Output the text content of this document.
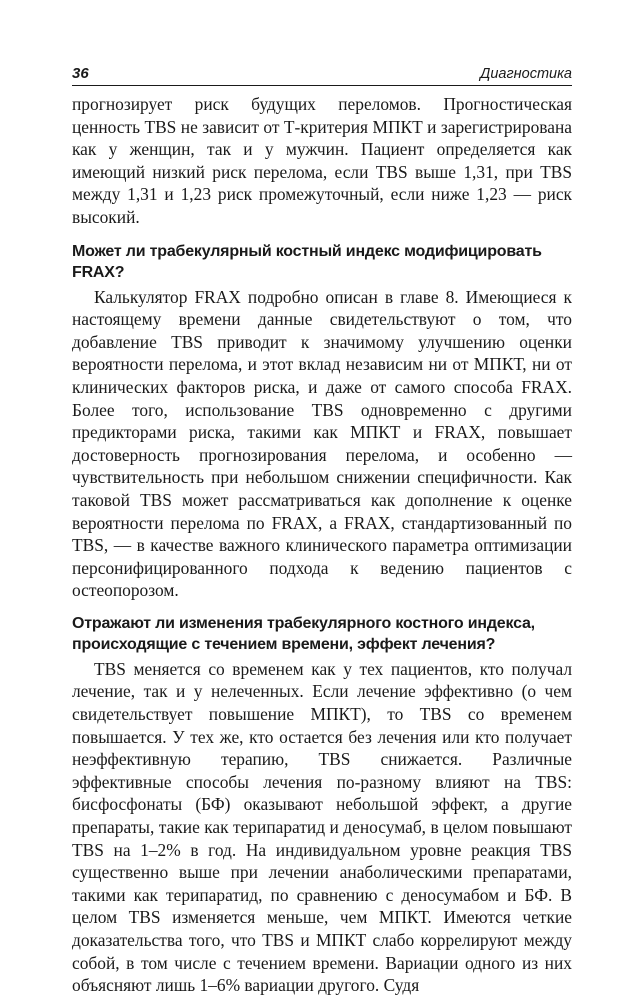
36	Диагностика

прогнозирует риск будущих переломов. Прогностическая ценность TBS не зависит от Т-критерия МПКТ и зарегистрирована как у женщин, так и у мужчин. Пациент определяется как имеющий низкий риск перелома, если TBS выше 1,31, при TBS между 1,31 и 1,23 риск промежуточный, если ниже 1,23 — риск высокий.

Может ли трабекулярный костный индекс модифицировать FRAX?

Калькулятор FRAX подробно описан в главе 8. Имеющиеся к настоящему времени данные свидетельствуют о том, что добавление TBS приводит к значимому улучшению оценки вероятности перелома, и этот вклад независим ни от МПКТ, ни от клинических факторов риска, и даже от самого способа FRAX. Более того, использование TBS одновременно с другими предикторами риска, такими как МПКТ и FRAX, повышает достоверность прогнозирования перелома, и особенно — чувствительность при небольшом снижении специфичности. Как таковой TBS может рассматриваться как дополнение к оценке вероятности перелома по FRAX, а FRAX, стандартизованный по TBS, — в качестве важного клинического параметра оптимизации персонифицированного подхода к ведению пациентов с остеопорозом.

Отражают ли изменения трабекулярного костного индекса, происходящие с течением времени, эффект лечения?

TBS меняется со временем как у тех пациентов, кто получал лечение, так и у нелеченных. Если лечение эффективно (о чем свидетельствует повышение МПКТ), то TBS со временем повышается. У тех же, кто остается без лечения или кто получает неэффективную терапию, TBS снижается. Различные эффективные способы лечения по-разному влияют на TBS: бисфосфонаты (БФ) оказывают небольшой эффект, а другие препараты, такие как терипаратид и деносумаб, в целом повышают TBS на 1–2% в год. На индивидуальном уровне реакция TBS существенно выше при лечении анаболическими препаратами, такими как терипаратид, по сравнению с деносумабом и БФ. В целом TBS изменяется меньше, чем МПКТ. Имеются четкие доказательства того, что TBS и МПКТ слабо коррелируют между собой, в том числе с течением времени. Вариации одного из них объясняют лишь 1–6% вариации другого. Судя
